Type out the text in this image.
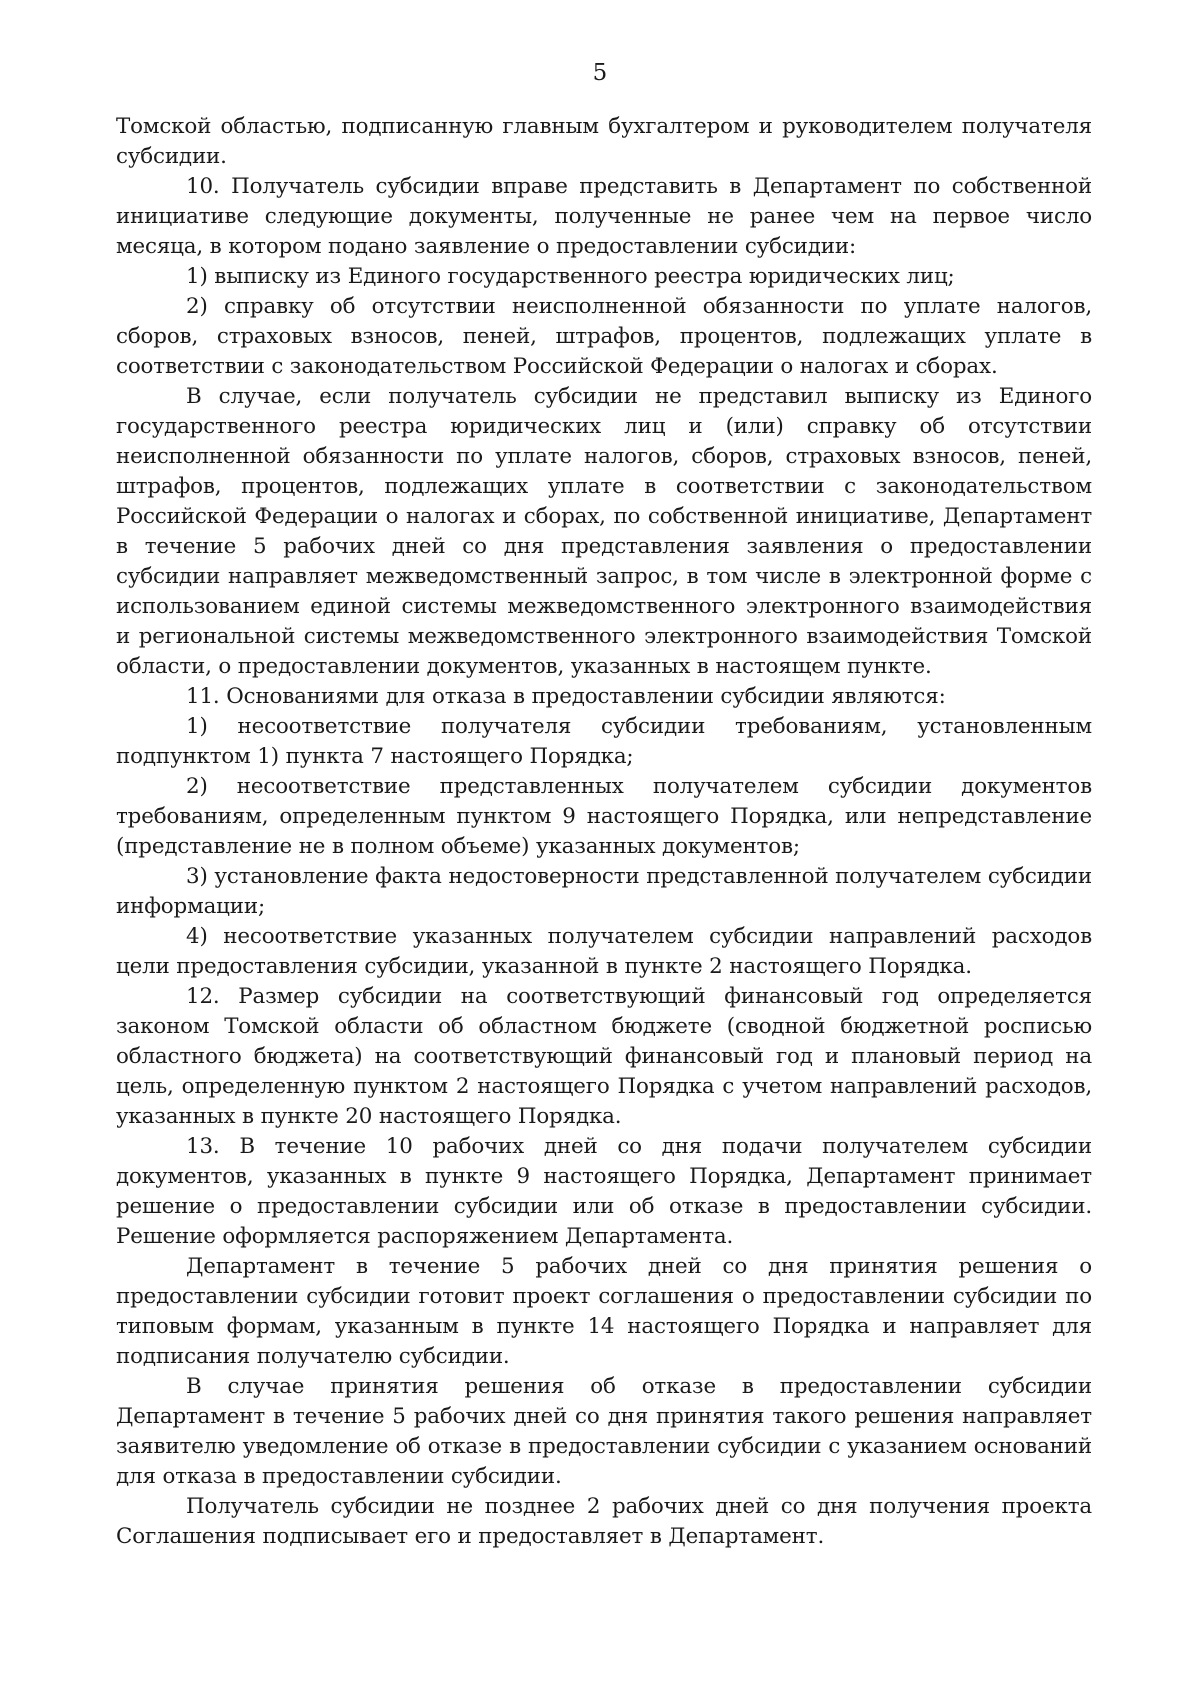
5

Томской областью, подписанную главным бухгалтером и руководителем получателя субсидии.

10. Получатель субсидии вправе представить в Департамент по собственной инициативе следующие документы, полученные не ранее чем на первое число месяца, в котором подано заявление о предоставлении субсидии:

1) выписку из Единого государственного реестра юридических лиц;

2) справку об отсутствии неисполненной обязанности по уплате налогов, сборов, страховых взносов, пеней, штрафов, процентов, подлежащих уплате в соответствии с законодательством Российской Федерации о налогах и сборах.

В случае, если получатель субсидии не представил выписку из Единого государственного реестра юридических лиц и (или) справку об отсутствии неисполненной обязанности по уплате налогов, сборов, страховых взносов, пеней, штрафов, процентов, подлежащих уплате в соответствии с законодательством Российской Федерации о налогах и сборах, по собственной инициативе, Департамент в течение 5 рабочих дней со дня представления заявления о предоставлении субсидии направляет межведомственный запрос, в том числе в электронной форме с использованием единой системы межведомственного электронного взаимодействия и региональной системы межведомственного электронного взаимодействия Томской области, о предоставлении документов, указанных в настоящем пункте.

11. Основаниями для отказа в предоставлении субсидии являются:

1) несоответствие получателя субсидии требованиям, установленным подпунктом 1) пункта 7 настоящего Порядка;

2) несоответствие представленных получателем субсидии документов требованиям, определенным пунктом 9 настоящего Порядка, или непредставление (представление не в полном объеме) указанных документов;

3) установление факта недостоверности представленной получателем субсидии информации;

4) несоответствие указанных получателем субсидии направлений расходов цели предоставления субсидии, указанной в пункте 2 настоящего Порядка.

12. Размер субсидии на соответствующий финансовый год определяется законом Томской области об областном бюджете (сводной бюджетной росписью областного бюджета) на соответствующий финансовый год и плановый период на цель, определенную пунктом 2 настоящего Порядка с учетом направлений расходов, указанных в пункте 20 настоящего Порядка.

13. В течение 10 рабочих дней со дня подачи получателем субсидии документов, указанных в пункте 9 настоящего Порядка, Департамент принимает решение о предоставлении субсидии или об отказе в предоставлении субсидии. Решение оформляется распоряжением Департамента.

Департамент в течение 5 рабочих дней со дня принятия решения о предоставлении субсидии готовит проект соглашения о предоставлении субсидии по типовым формам, указанным в пункте 14 настоящего Порядка и направляет для подписания получателю субсидии.

В случае принятия решения об отказе в предоставлении субсидии Департамент в течение 5 рабочих дней со дня принятия такого решения направляет заявителю уведомление об отказе в предоставлении субсидии с указанием оснований для отказа в предоставлении субсидии.

Получатель субсидии не позднее 2 рабочих дней со дня получения проекта Соглашения подписывает его и предоставляет в Департамент.
